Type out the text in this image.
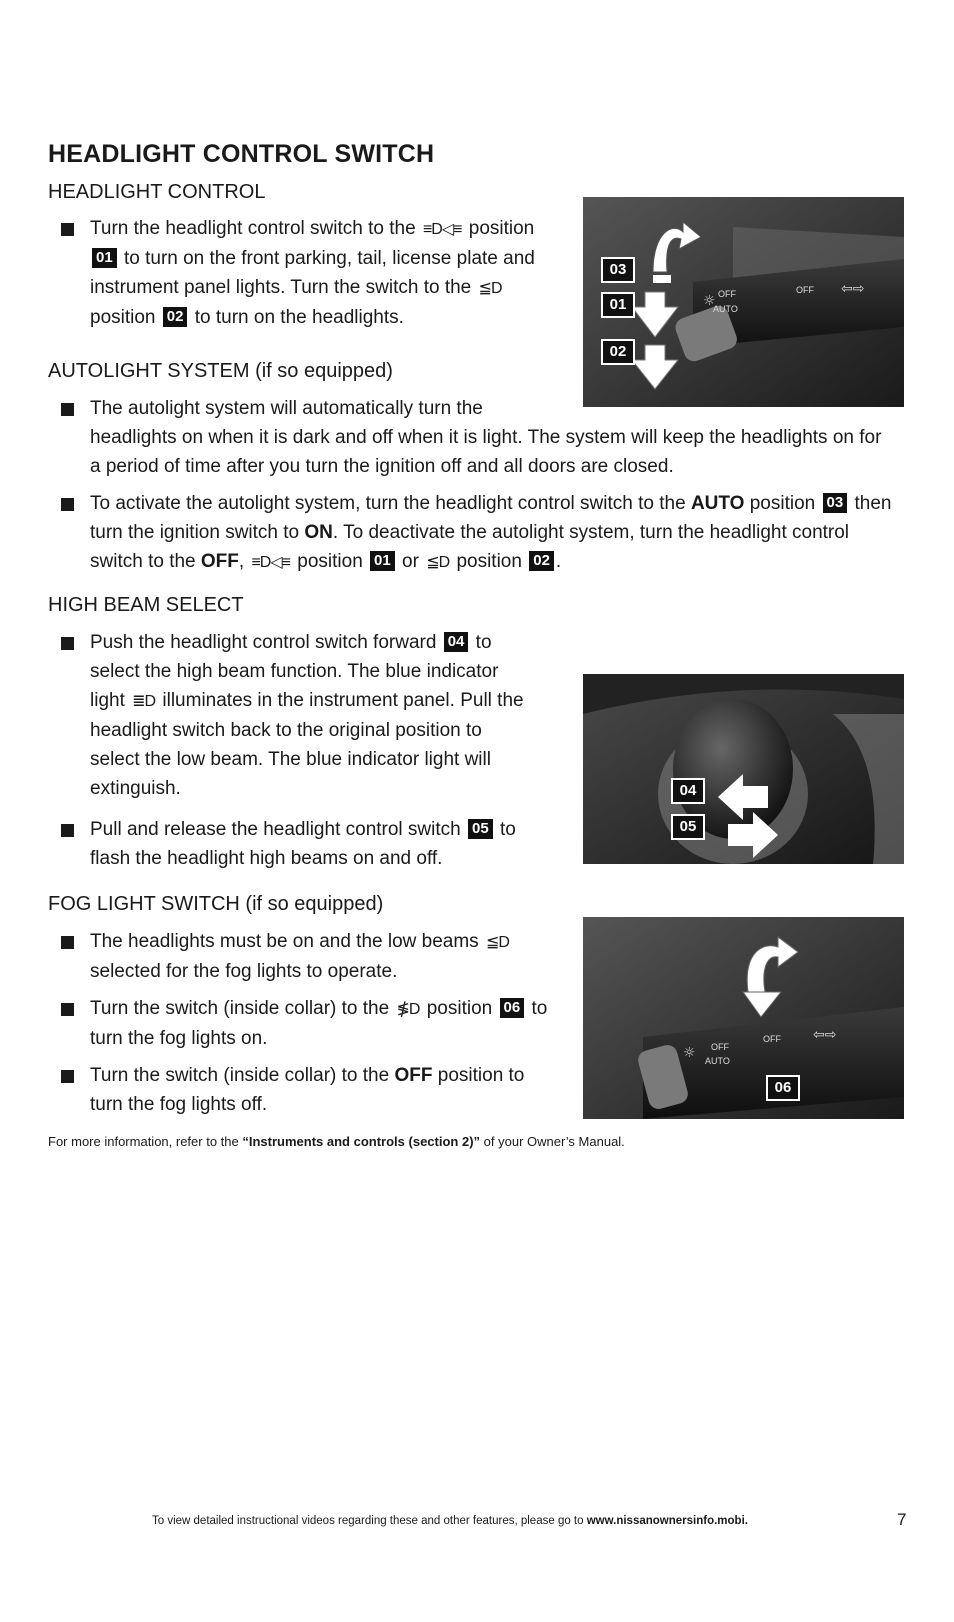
HEADLIGHT CONTROL SWITCH
HEADLIGHT CONTROL
Turn the headlight control switch to the ≡D◁≡ position 01 to turn on the front parking, tail, license plate and instrument panel lights. Turn the switch to the ≦D position 02 to turn on the headlights.
OFF
AUTO
OFF
☼
⇦⇨
03
01
02
AUTOLIGHT SYSTEM (if so equipped)
The autolight system will automatically turn the
headlights on when it is dark and off when it is light. The system will keep the headlights on for a period of time after you turn the ignition off and all doors are closed.
To activate the autolight system, turn the headlight control switch to the AUTO position 03 then turn the ignition switch to ON. To deactivate the autolight system, turn the headlight control switch to the OFF, ≡D◁≡ position 01 or ≦D position 02 .
HIGH BEAM SELECT
Push the headlight control switch forward 04 to select the high beam function. The blue indicator light ≣D illuminates in the instrument panel. Pull the headlight switch back to the original position to select the low beam. The blue indicator light will extinguish.
Pull and release the headlight control switch 05 to flash the headlight high beams on and off.
04
05
FOG LIGHT SWITCH (if so equipped)
The headlights must be on and the low beams ≦D selected for the fog lights to operate.
Turn the switch (inside collar) to the ≸D position 06 to turn the fog lights on.
Turn the switch (inside collar) to the OFF position to turn the fog lights off.
OFF
AUTO
OFF
☼
⇦⇨
06
For more information, refer to the “Instruments and controls (section 2)” of your Owner’s Manual.
To view detailed instructional videos regarding these and other features, please go to www.nissanownersinfo.mobi.	7
